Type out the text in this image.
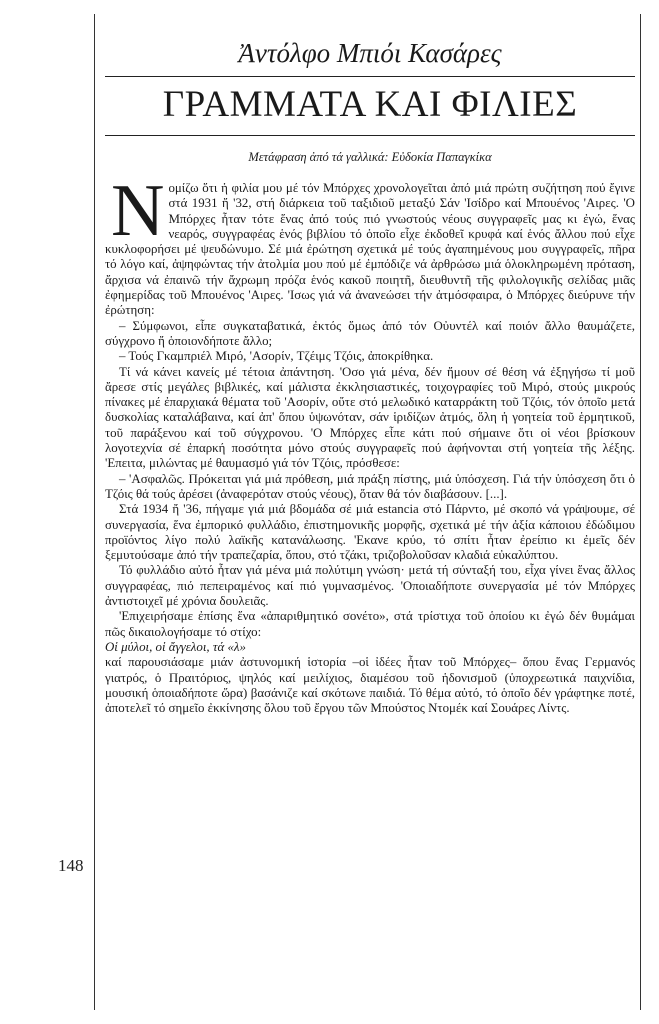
148
Ἀντόλφο Μπιόι Κασάρες
ΓΡΑΜΜΑΤΑ ΚΑΙ ΦΙΛΙΕΣ
Μετάφραση ἀπό τά γαλλικά: Εὐδοκία Παπαγκίκα

Nομίζω ὅτι ἡ φιλία μου μέ τόν Μπόρχες χρονολογεῖται ἀπό μιά πρώτη συζήτηση πού ἔγινε στά 1931 ἤ '32, στή διάρκεια τοῦ ταξιδιοῦ μεταξύ Σάν 'Ισίδρο καί Μπουένος 'Αιρες. 'Ο Μπόρχες ἦταν τότε ἕνας ἀπό τούς πιό γνωστούς νέους συγγραφεῖς μας κι ἐγώ, ἕνας νεαρός, συγγραφέας ἑνός βιβλίου τό ὁποῖο εἶχε ἐκδοθεῖ κρυφά καί ἑνός ἄλλου πού εἶχε κυκλοφορήσει μέ ψευδώνυμο. Σέ μιά ἐρώτηση σχετικά μέ τούς ἀγαπημένους μου συγγραφεῖς, πῆρα τό λόγο καί, ἀψηφώντας τήν ἀτολμία μου πού μέ ἐμπόδιζε νά ἀρθρώσω μιά ὁλοκληρωμένη πρόταση, ἄρχισα νά ἐπαινῶ τήν ἄχρωμη πρόζα ἑνός κακοῦ ποιητῆ, διευθυντῆ τῆς φιλολογικῆς σελίδας μιᾶς ἐφημερίδας τοῦ Μπουένος 'Αιρες. 'Ισως γιά νά ἀνανεώσει τήν ἀτμόσφαιρα, ὁ Μπόρχες διεύρυνε τήν ἐρώτηση:

– Σύμφωνοι, εἶπε συγκαταβατικά, ἐκτός ὅμως ἀπό τόν Οὐυντέλ καί ποιόν ἄλλο θαυμάζετε, σύγχρονο ἤ ὁποιονδήποτε ἄλλο;

– Τούς Γκαμπριέλ Μιρό, 'Ασορίν, Τζέιμς Τζόις, ἀποκρίθηκα.

Τί νά κάνει κανείς μέ τέτοια ἀπάντηση. 'Οσο γιά μένα, δέν ἤμουν σέ θέση νά ἐξηγήσω τί μοῦ ἄρεσε στίς μεγάλες βιβλικές, καί μάλιστα ἐκκλησιαστικές, τοιχογραφίες τοῦ Μιρό, στούς μικρούς πίνακες μέ ἐπαρχιακά θέματα τοῦ 'Ασορίν, οὔτε στό μελωδικό καταρράκτη τοῦ Τζόις, τόν ὁποῖο μετά δυσκολίας καταλάβαινα, καί ἀπ' ὅπου ὑψωνόταν, σάν ἱριδίζων ἀτμός, ὅλη ἡ γοητεία τοῦ ἑρμητικοῦ, τοῦ παράξενου καί τοῦ σύγχρονου. 'Ο Μπόρχες εἶπε κάτι πού σήμαινε ὅτι οἱ νέοι βρίσκουν λογοτεχνία σέ ἐπαρκή ποσότητα μόνο στούς συγγραφεῖς πού ἀφήνονται στή γοητεία τῆς λέξης. 'Επειτα, μιλώντας μέ θαυμασμό γιά τόν Τζόις, πρόσθεσε:

– 'Ασφαλῶς. Πρόκειται γιά μιά πρόθεση, μιά πράξη πίστης, μιά ὑπόσχεση. Γιά τήν ὑπόσχεση ὅτι ὁ Τζόις θά τούς ἀρέσει (ἀναφερόταν στούς νέους), ὅταν θά τόν διαβάσουν. [...].

Στά 1934 ἤ '36, πήγαμε γιά μιά βδομάδα σέ μιά estancia στό Πάρντο, μέ σκοπό νά γράψουμε, σέ συνεργασία, ἕνα ἐμπορικό φυλλάδιο, ἐπιστημονικῆς μορφῆς, σχετικά μέ τήν ἀξία κάποιου ἐδώδιμου προϊόντος λίγο πολύ λαϊκῆς κατανάλωσης. 'Εκανε κρύο, τό σπίτι ἦταν ἐρείπιο κι ἐμεῖς δέν ξεμυτούσαμε ἀπό τήν τραπεζαρία, ὅπου, στό τζάκι, τριζοβολοῦσαν κλαδιά εὐκαλύπτου.

Τό φυλλάδιο αὐτό ἦταν γιά μένα μιά πολύτιμη γνώση· μετά τή σύνταξή του, εἶχα γίνει ἕνας ἄλλος συγγραφέας, πιό πεπειραμένος καί πιό γυμνασμένος. 'Οποιαδήποτε συνεργασία μέ τόν Μπόρχες ἀντιστοιχεῖ μέ χρόνια δουλειᾶς.

'Επιχειρήσαμε ἐπίσης ἕνα «ἀπαριθμητικό σονέτο», στά τρίστιχα τοῦ ὁποίου κι ἐγώ δέν θυμάμαι πῶς δικαιολογήσαμε τό στίχο:

Οἱ μύλοι, οἱ ἄγγελοι, τά «λ»

καί παρουσιάσαμε μιάν ἀστυνομική ἱστορία –οἱ ἰδέες ἦταν τοῦ Μπόρχες– ὅπου ἕνας Γερμανός γιατρός, ὁ Πραιτόριος, ψηλός καί μειλίχιος, διαμέσου τοῦ ἡδονισμοῦ (ὑποχρεωτικά παιχνίδια, μουσική ὁποιαδήποτε ὥρα) βασάνιζε καί σκότωνε παιδιά. Τό θέμα αὐτό, τό ὁποῖο δέν γράφτηκε ποτέ, ἀποτελεῖ τό σημεῖο ἐκκίνησης ὅλου τοῦ ἔργου τῶν Μπούστος Ντομέκ καί Σουάρες Λίντς.
